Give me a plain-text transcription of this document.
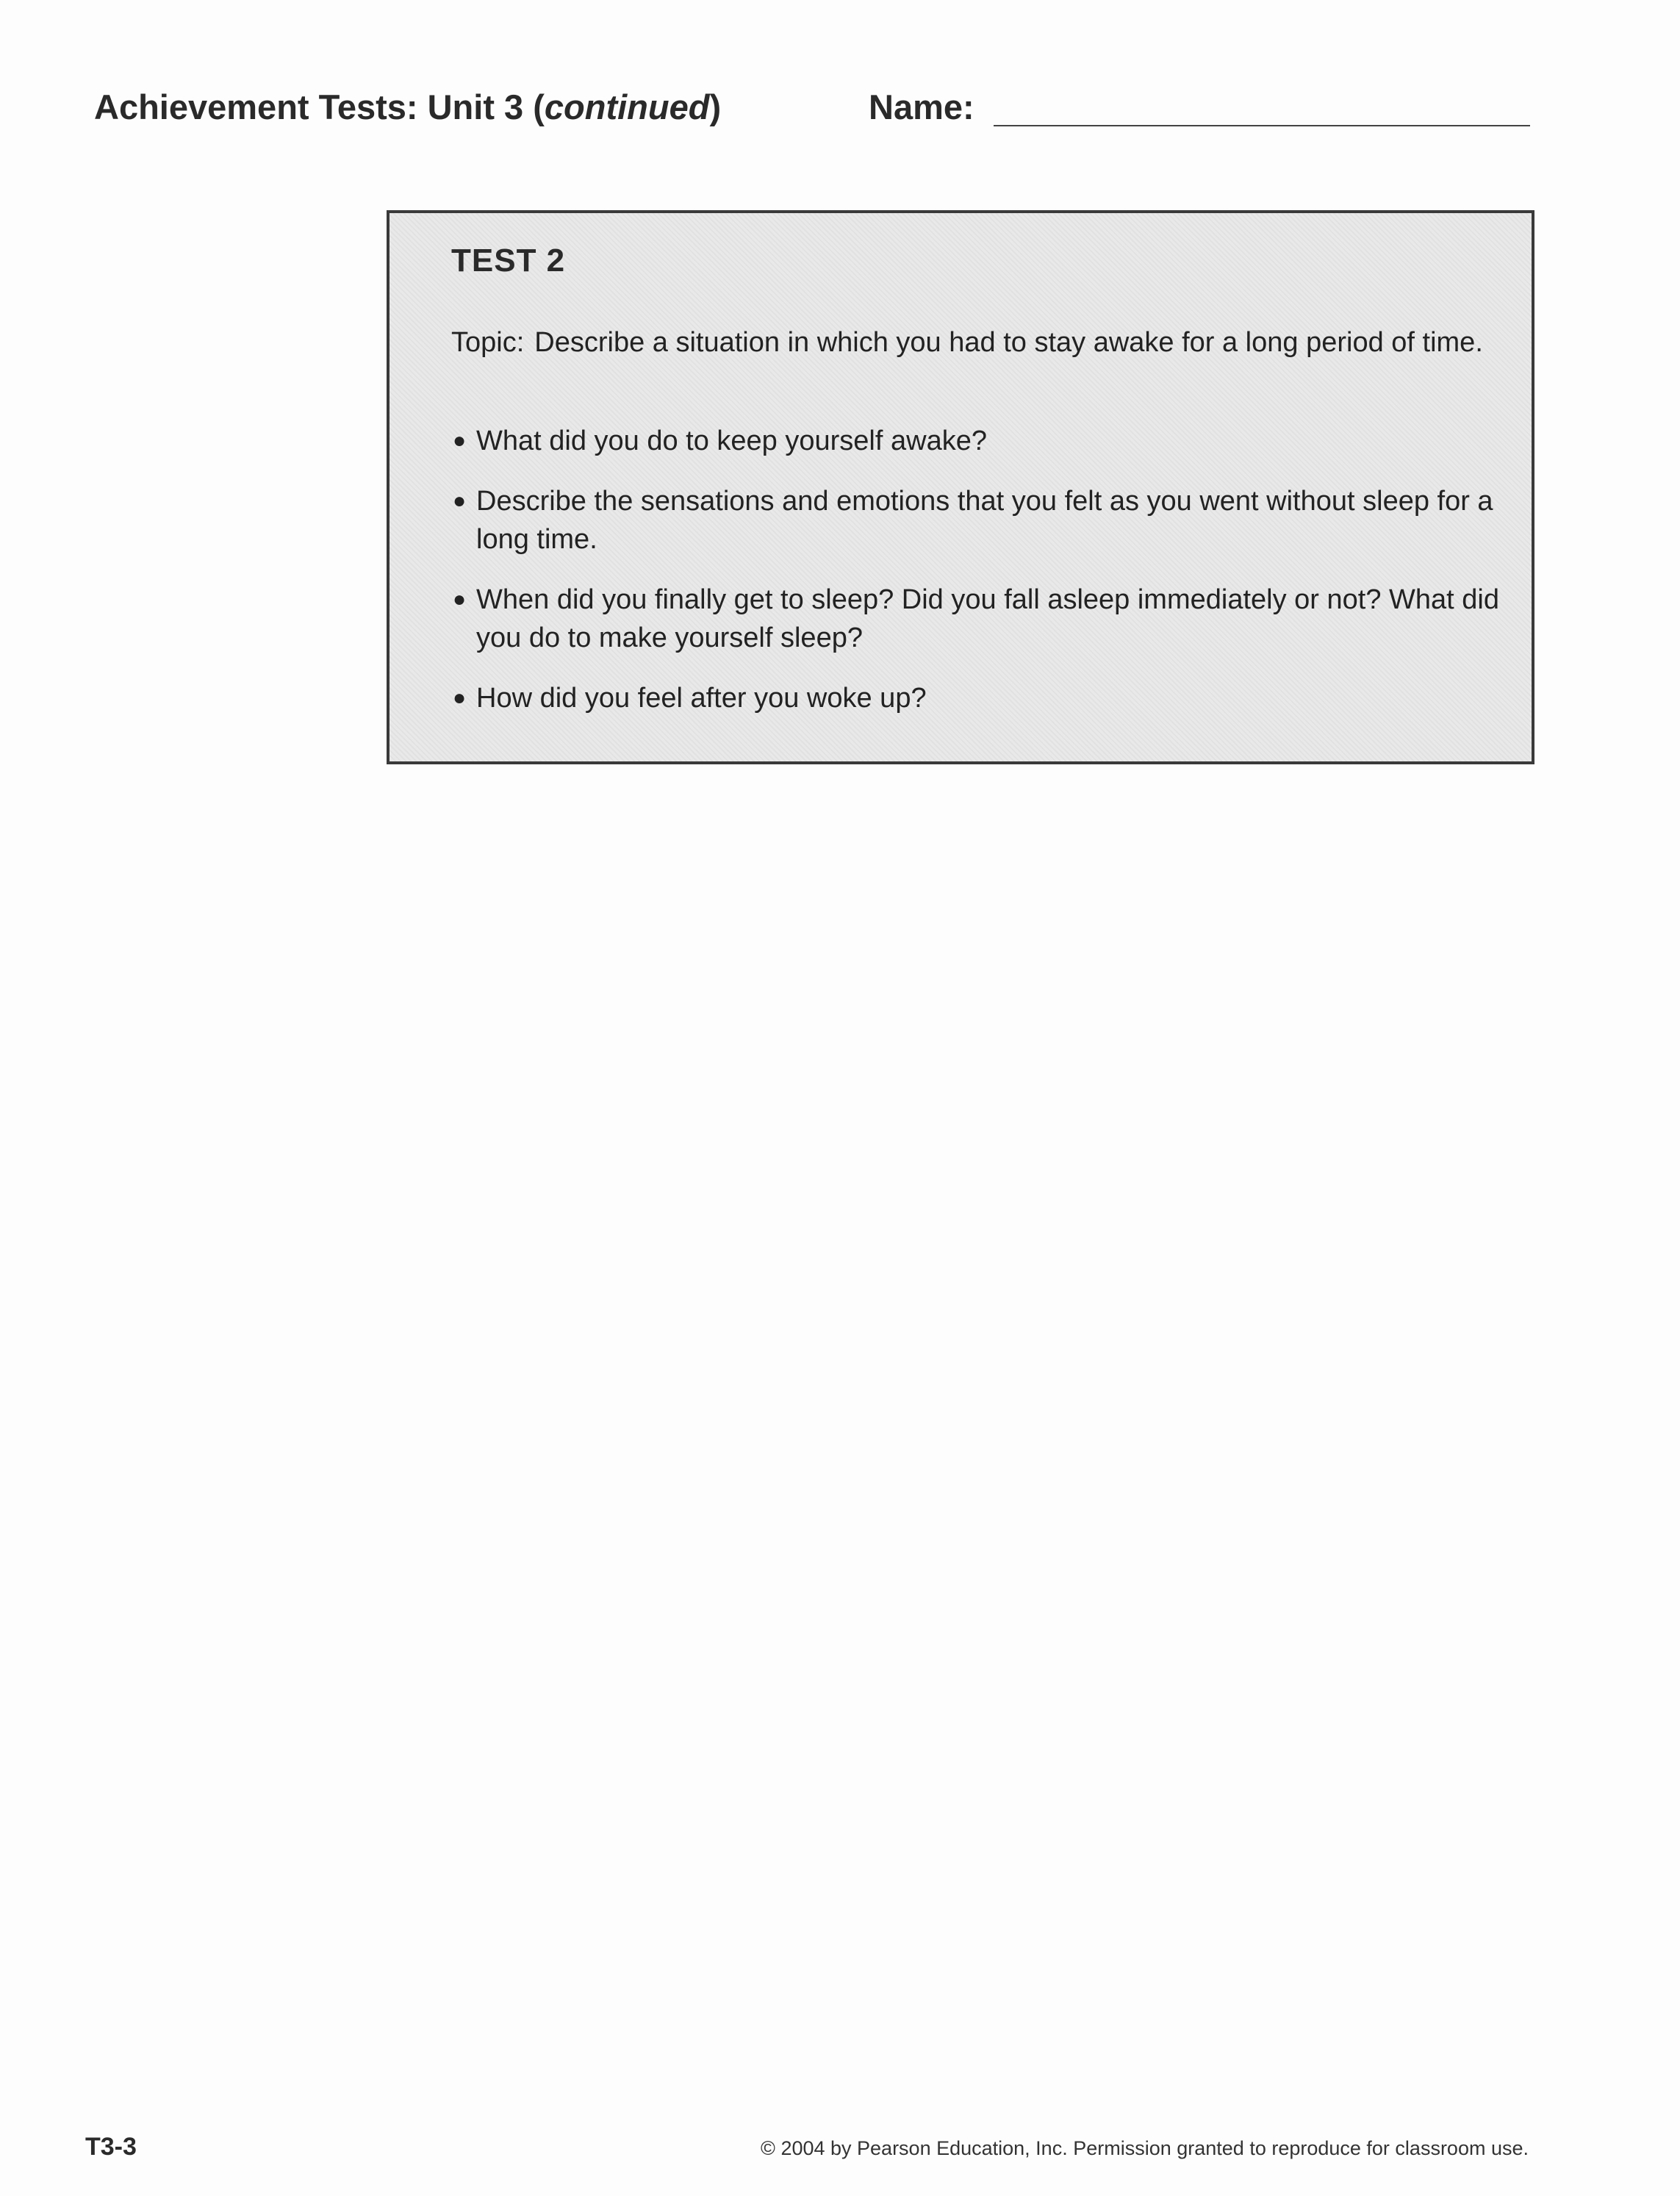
Achievement Tests: Unit 3 (continued)	Name:
TEST 2
Topic: Describe a situation in which you had to stay awake for a long period of time.
● What did you do to keep yourself awake?
● Describe the sensations and emotions that you felt as you went without sleep for a long time.
● When did you finally get to sleep? Did you fall asleep immediately or not? What did you do to make yourself sleep?
● How did you feel after you woke up?
T3-3	© 2004 by Pearson Education, Inc. Permission granted to reproduce for classroom use.
